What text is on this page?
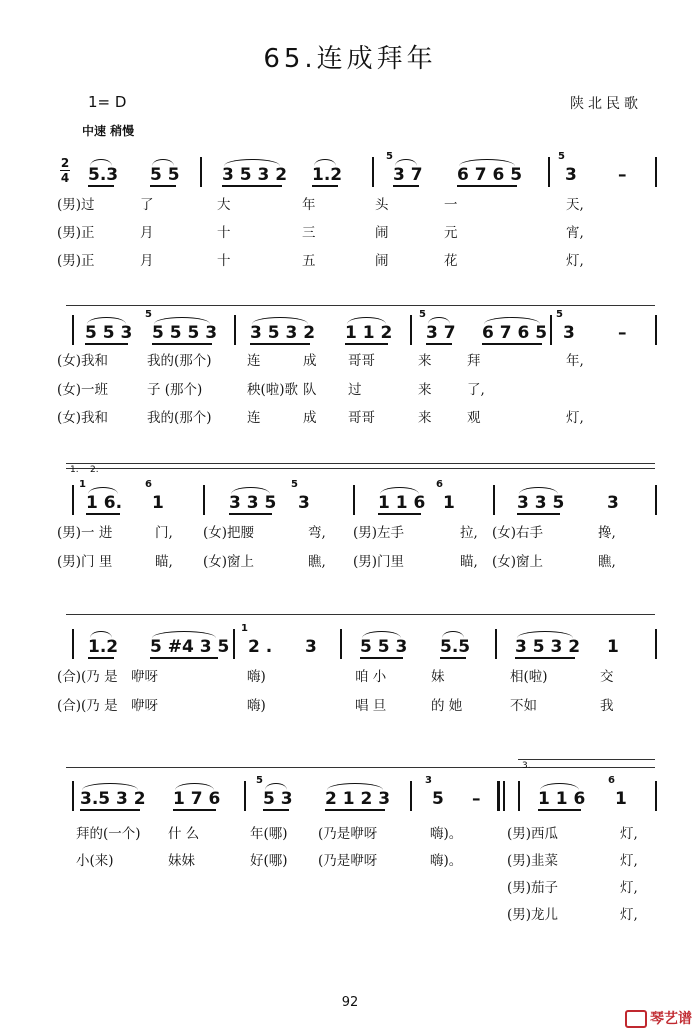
65.连成拜年
1= D	陕北民歌
中速 稍慢
2
4 5.3 5 5 3 5 3 2 1.2	3 7
5
6 7 6 5	3
5
–
(男)过	了	大	年	头	一	天,
(男)正	月	十	三	闹	元	宵,
(男)正	月	十	五	闹	花	灯,
5 5 3 5 5 5 3
5
3 5 3 2 1 1 2 3 7
5
6 7 6 5 3
5
–
(女)我和	我的(那个)	连	成 哥哥	来	拜	年,
(女)一班	子 (那个)	秧(啦)歌 队 过	来	了,
(女)我和	我的(那个)	连	成 哥哥	来	观	灯,
1. 2.
1 6.
1
1
6
3 3 5 3
5
1 1 6 1
6
3 3 5	3
(男)一 进	门, (女)把腰	弯, (男)左手	拉, (女)右手	搀,
(男)门 里	瞄, (女)窗上	瞧, (男)门里	瞄, (女)窗上	瞧,
1.2 5 #4 3 5 2 .
1
3	5 5 3 5.5	3 5 3 2 1
(合)(乃 是 咿呀	嗨)	咱 小	妹	相(啦)	交
(合)(乃 是 咿呀	嗨)	唱 旦	的 她	不如	我
3.
3.5 3 2 1 7 6	5 3
5
2 1 2 3 5
3
–	1 1 6 1
6
拜的(一个) 什 么	年(哪) (乃是咿呀	嗨)。	(男)西瓜	灯,
小(来)	妹妹	好(哪) (乃是咿呀	嗨)。	(男)韭菜	灯,
(男)茄子	灯,
(男)龙儿	灯,
92
琴艺谱
